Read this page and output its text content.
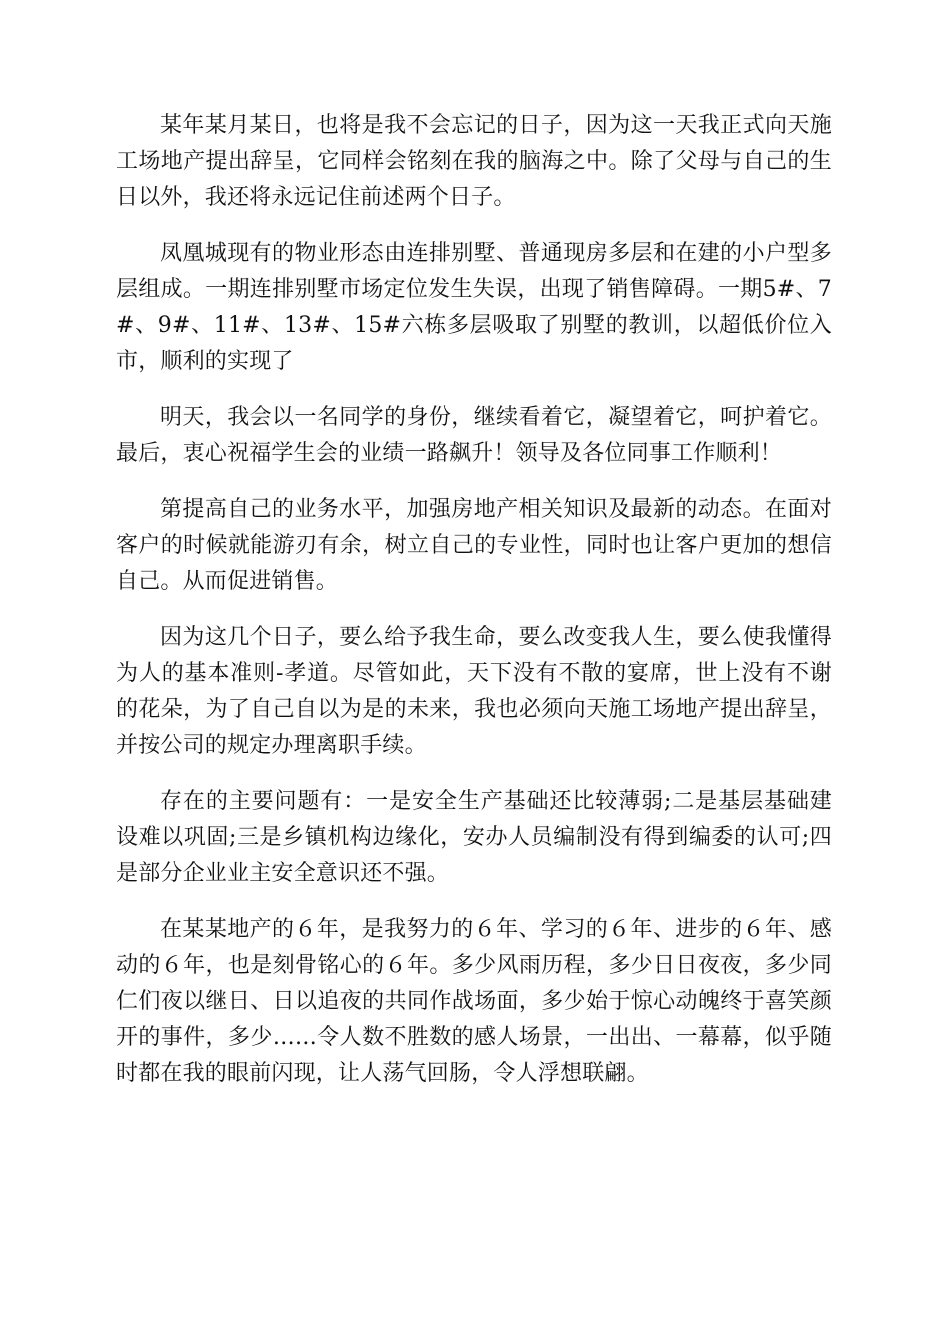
某年某月某日，也将是我不会忘记的日子，因为这一天我正式向天施工场地产提出辞呈，它同样会铭刻在我的脑海之中。除了父母与自己的生日以外，我还将永远记住前述两个日子。

凤凰城现有的物业形态由连排别墅、普通现房多层和在建的小户型多层组成。一期连排别墅市场定位发生失误，出现了销售障碍。一期5#、7#、9#、11#、13#、15#六栋多层吸取了别墅的教训，以超低价位入市，顺利的实现了

明天，我会以一名同学的身份，继续看着它，凝望着它，呵护着它。最后，衷心祝福学生会的业绩一路飙升！领导及各位同事工作顺利！

第提高自己的业务水平，加强房地产相关知识及最新的动态。在面对客户的时候就能游刃有余，树立自己的专业性，同时也让客户更加的想信自己。从而促进销售。

因为这几个日子，要么给予我生命，要么改变我人生，要么使我懂得为人的基本准则-孝道。尽管如此，天下没有不散的宴席，世上没有不谢的花朵，为了自己自以为是的未来，我也必须向天施工场地产提出辞呈，并按公司的规定办理离职手续。

存在的主要问题有：一是安全生产基础还比较薄弱;二是基层基础建设难以巩固;三是乡镇机构边缘化，安办人员编制没有得到编委的认可;四是部分企业业主安全意识还不强。

在某某地产的６年，是我努力的６年、学习的６年、进步的６年、感动的６年，也是刻骨铭心的６年。多少风雨历程，多少日日夜夜，多少同仁们夜以继日、日以追夜的共同作战场面，多少始于惊心动魄终于喜笑颜开的事件，多少……令人数不胜数的感人场景，一出出、一幕幕，似乎随时都在我的眼前闪现，让人荡气回肠，令人浮想联翩。
